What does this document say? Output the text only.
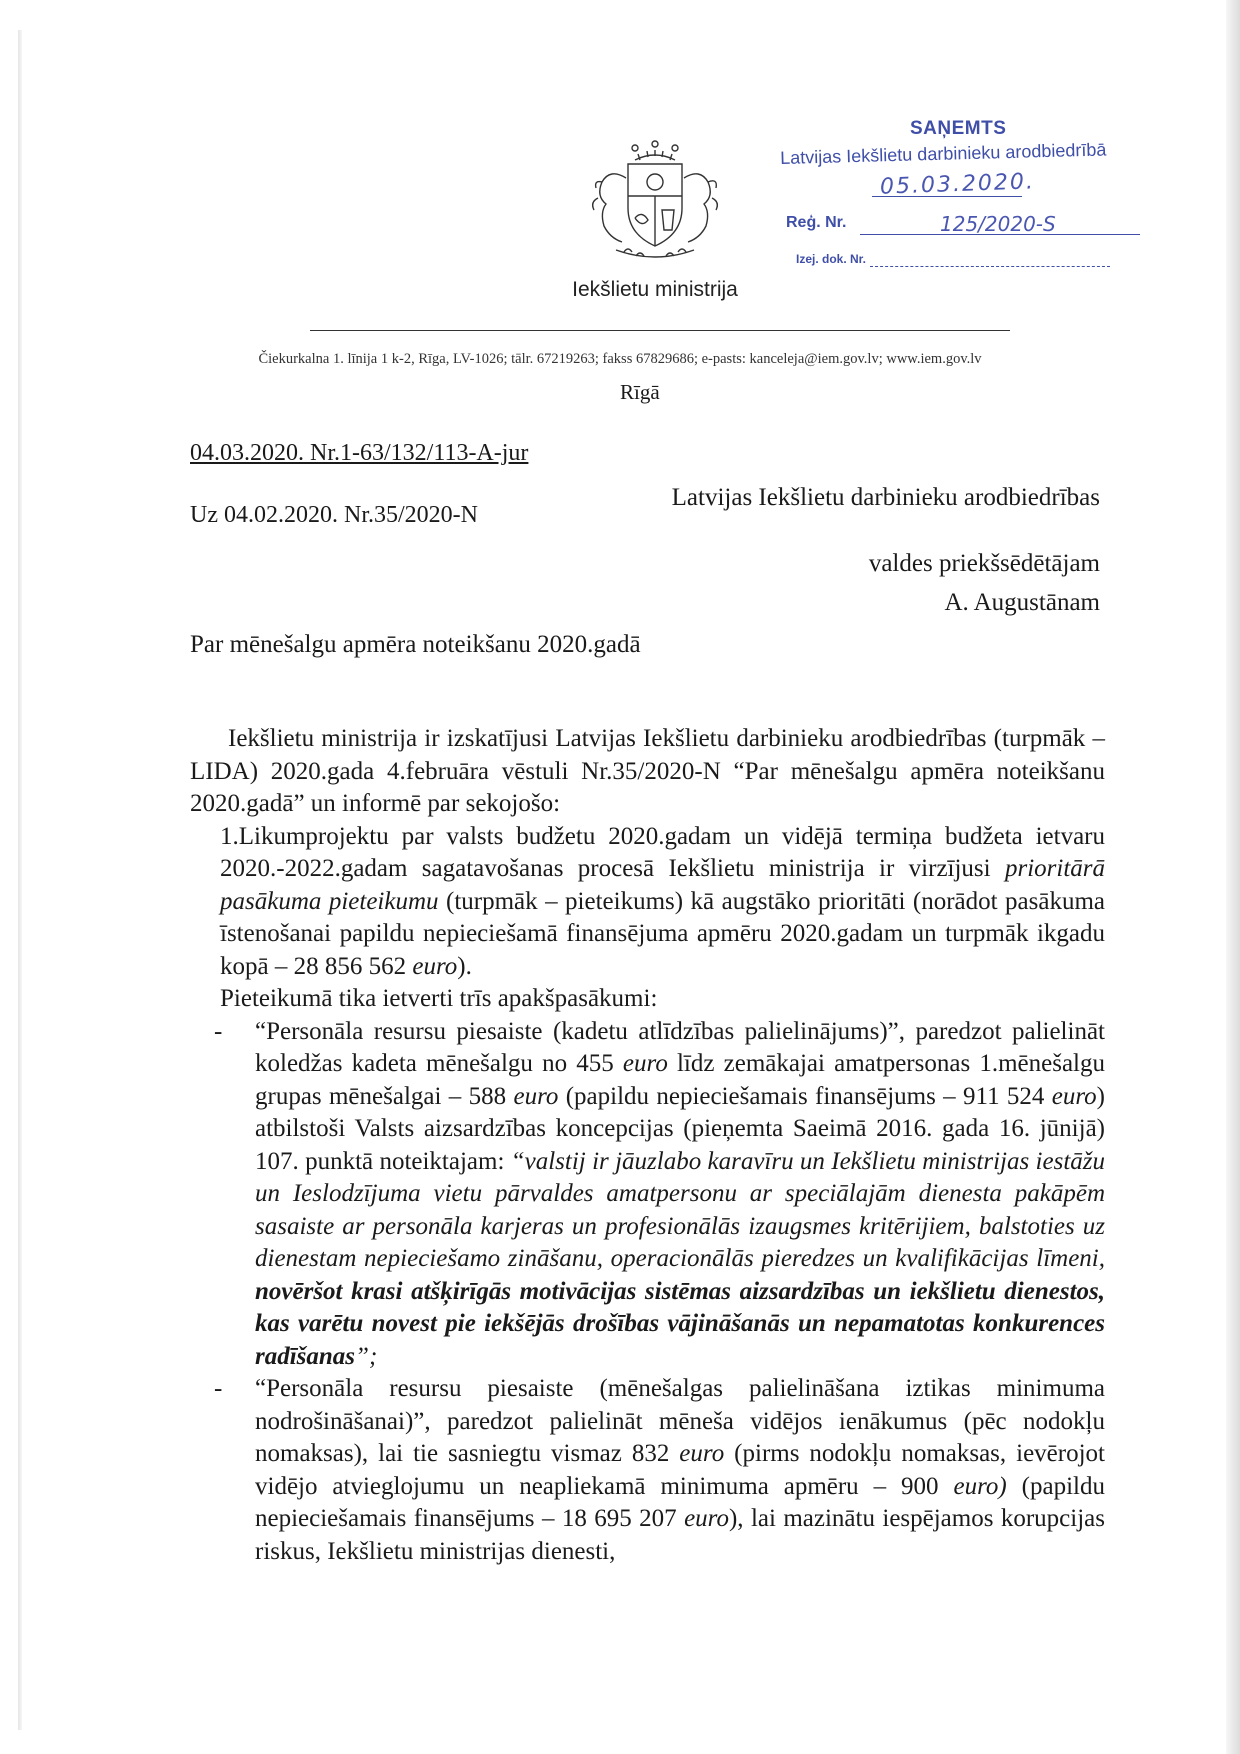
Iekšlietu ministrija
SAŅEMTS
Latvijas Iekšlietu darbinieku arodbiedrībā
05.03.2020.
Reģ. Nr.	125/2020-S
Izej. dok. Nr.
Čiekurkalna 1. līnija 1 k-2, Rīga, LV-1026; tālr. 67219263; fakss 67829686; e-pasts: kanceleja@iem.gov.lv; www.iem.gov.lv
Rīgā
04.03.2020. Nr.1-63/132/113-A-jur
Uz 04.02.2020. Nr.35/2020-N
Latvijas Iekšlietu darbinieku arodbiedrības
valdes priekšsēdētājam
A. Augustānam
Par mēnešalgu apmēra noteikšanu 2020.gadā

Iekšlietu ministrija ir izskatījusi Latvijas Iekšlietu darbinieku arodbiedrības (turpmāk – LIDA) 2020.gada 4.februāra vēstuli Nr.35/2020-N “Par mēnešalgu apmēra noteikšanu 2020.gadā” un informē par sekojošo:

1.Likumprojektu par valsts budžetu 2020.gadam un vidējā termiņa budžeta ietvaru 2020.-2022.gadam sagatavošanas procesā Iekšlietu ministrija ir virzījusi prioritārā pasākuma pieteikumu (turpmāk – pieteikums) kā augstāko prioritāti (norādot pasākuma īstenošanai papildu nepieciešamā finansējuma apmēru 2020.gadam un turpmāk ikgadu kopā – 28 856 562 euro).

Pieteikumā tika ietverti trīs apakšpasākumi:

- “Personāla resursu piesaiste (kadetu atlīdzības palielinājums)”, paredzot palielināt koledžas kadeta mēnešalgu no 455 euro līdz zemākajai amatpersonas 1.mēnešalgu grupas mēnešalgai – 588 euro (papildu nepieciešamais finansējums – 911 524 euro) atbilstoši Valsts aizsardzības koncepcijas (pieņemta Saeimā 2016. gada 16. jūnijā) 107. punktā noteiktajam: “valstij ir jāuzlabo karavīru un Iekšlietu ministrijas iestāžu un Ieslodzījuma vietu pārvaldes amatpersonu ar speciālajām dienesta pakāpēm sasaiste ar personāla karjeras un profesionālās izaugsmes kritērijiem, balstoties uz dienestam nepieciešamo zināšanu, operacionālās pieredzes un kvalifikācijas līmeni, novēršot krasi atšķirīgās motivācijas sistēmas aizsardzības un iekšlietu dienestos, kas varētu novest pie iekšējās drošības vājināšanās un nepamatotas konkurences radīšanas”;

- “Personāla resursu piesaiste (mēnešalgas palielināšana iztikas minimuma nodrošināšanai)”, paredzot palielināt mēneša vidējos ienākumus (pēc nodokļu nomaksas), lai tie sasniegtu vismaz 832 euro (pirms nodokļu nomaksas, ievērojot vidējo atvieglojumu un neapliekamā minimuma apmēru – 900 euro) (papildu nepieciešamais finansējums – 18 695 207 euro), lai mazinātu iespējamos korupcijas riskus, Iekšlietu ministrijas dienesti,
